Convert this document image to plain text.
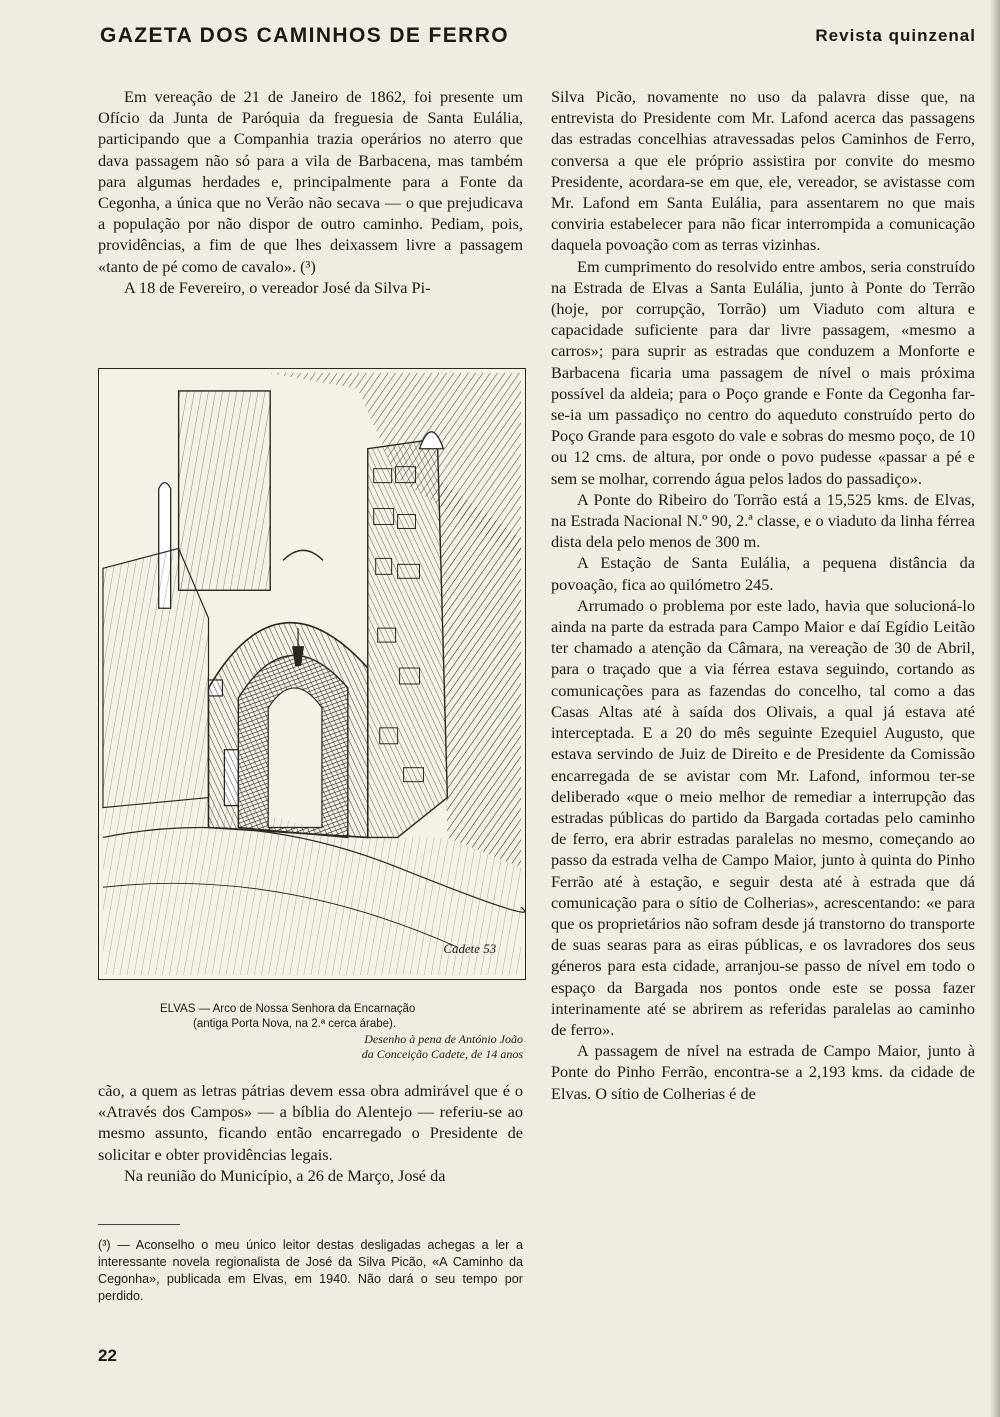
GAZETA DOS CAMINHOS DE FERRO	Revista quinzenal

Em vereação de 21 de Janeiro de 1862, foi presente um Ofício da Junta de Paróquia da freguesia de Santa Eulália, participando que a Companhia trazia operários no aterro que dava passagem não só para a vila de Barbacena, mas também para algumas herdades e, principalmente para a Fonte da Cegonha, a única que no Verão não secava — o que prejudicava a população por não dispor de outro caminho. Pediam, pois, providências, a fim de que lhes deixassem livre a passagem «tanto de pé como de cavalo». (³)

A 18 de Fevereiro, o vereador José da Silva Pi-

Cadete 53
ELVAS — Arco de Nossa Senhora da Encarnação
(antiga Porta Nova, na 2.ª cerca árabe).
Desenho à pena de António João
da Conceição Cadete, de 14 anos

cão, a quem as letras pátrias devem essa obra admirável que é o «Através dos Campos» — a bíblia do Alentejo — referiu-se ao mesmo assunto, ficando então encarregado o Presidente de solicitar e obter providências legais.

Na reunião do Município, a 26 de Março, José da

(³) — Aconselho o meu único leitor destas desligadas achegas a ler a interessante novela regionalista de José da Silva Picão, «A Caminho da Cegonha», publicada em Elvas, em 1940. Não dará o seu tempo por perdido.
22

Silva Picão, novamente no uso da palavra disse que, na entrevista do Presidente com Mr. Lafond acerca das passagens das estradas concelhias atravessadas pelos Caminhos de Ferro, conversa a que ele próprio assistira por convite do mesmo Presidente, acordara-se em que, ele, vereador, se avistasse com Mr. Lafond em Santa Eulália, para assentarem no que mais conviria estabelecer para não ficar interrompida a comunicação daquela povoação com as terras vizinhas.

Em cumprimento do resolvido entre ambos, seria construído na Estrada de Elvas a Santa Eulália, junto à Ponte do Terrão (hoje, por corrupção, Torrão) um Viaduto com altura e capacidade suficiente para dar livre passagem, «mesmo a carros»; para suprir as estradas que conduzem a Monforte e Barbacena ficaria uma passagem de nível o mais próxima possível da aldeia; para o Poço grande e Fonte da Cegonha far-se-ia um passadiço no centro do aqueduto construído perto do Poço Grande para esgoto do vale e sobras do mesmo poço, de 10 ou 12 cms. de altura, por onde o povo pudesse «passar a pé e sem se molhar, correndo água pelos lados do passadiço».

A Ponte do Ribeiro do Torrão está a 15,525 kms. de Elvas, na Estrada Nacional N.º 90, 2.ª classe, e o viaduto da linha férrea dista dela pelo menos de 300 m.

A Estação de Santa Eulália, a pequena distância da povoação, fica ao quilómetro 245.

Arrumado o problema por este lado, havia que solucioná-lo ainda na parte da estrada para Campo Maior e daí Egídio Leitão ter chamado a atenção da Câmara, na vereação de 30 de Abril, para o traçado que a via férrea estava seguindo, cortando as comunicações para as fazendas do concelho, tal como a das Casas Altas até à saída dos Olivais, a qual já estava até interceptada. E a 20 do mês seguinte Ezequiel Augusto, que estava servindo de Juiz de Direito e de Presidente da Comissão encarregada de se avistar com Mr. Lafond, informou ter-se deliberado «que o meio melhor de remediar a interrupção das estradas públicas do partido da Bargada cortadas pelo caminho de ferro, era abrir estradas paralelas no mesmo, começando ao passo da estrada velha de Campo Maior, junto à quinta do Pinho Ferrão até à estação, e seguir desta até à estrada que dá comunicação para o sítio de Colherias», acrescentando: «e para que os proprietários não sofram desde já transtorno do transporte de suas searas para as eiras públicas, e os lavradores dos seus géneros para esta cidade, arranjou-se passo de nível em todo o espaço da Bargada nos pontos onde este se possa fazer interinamente até se abrirem as referidas paralelas ao caminho de ferro».

A passagem de nível na estrada de Campo Maior, junto à Ponte do Pinho Ferrão, encontra-se a 2,193 kms. da cidade de Elvas. O sítio de Colherias é de
